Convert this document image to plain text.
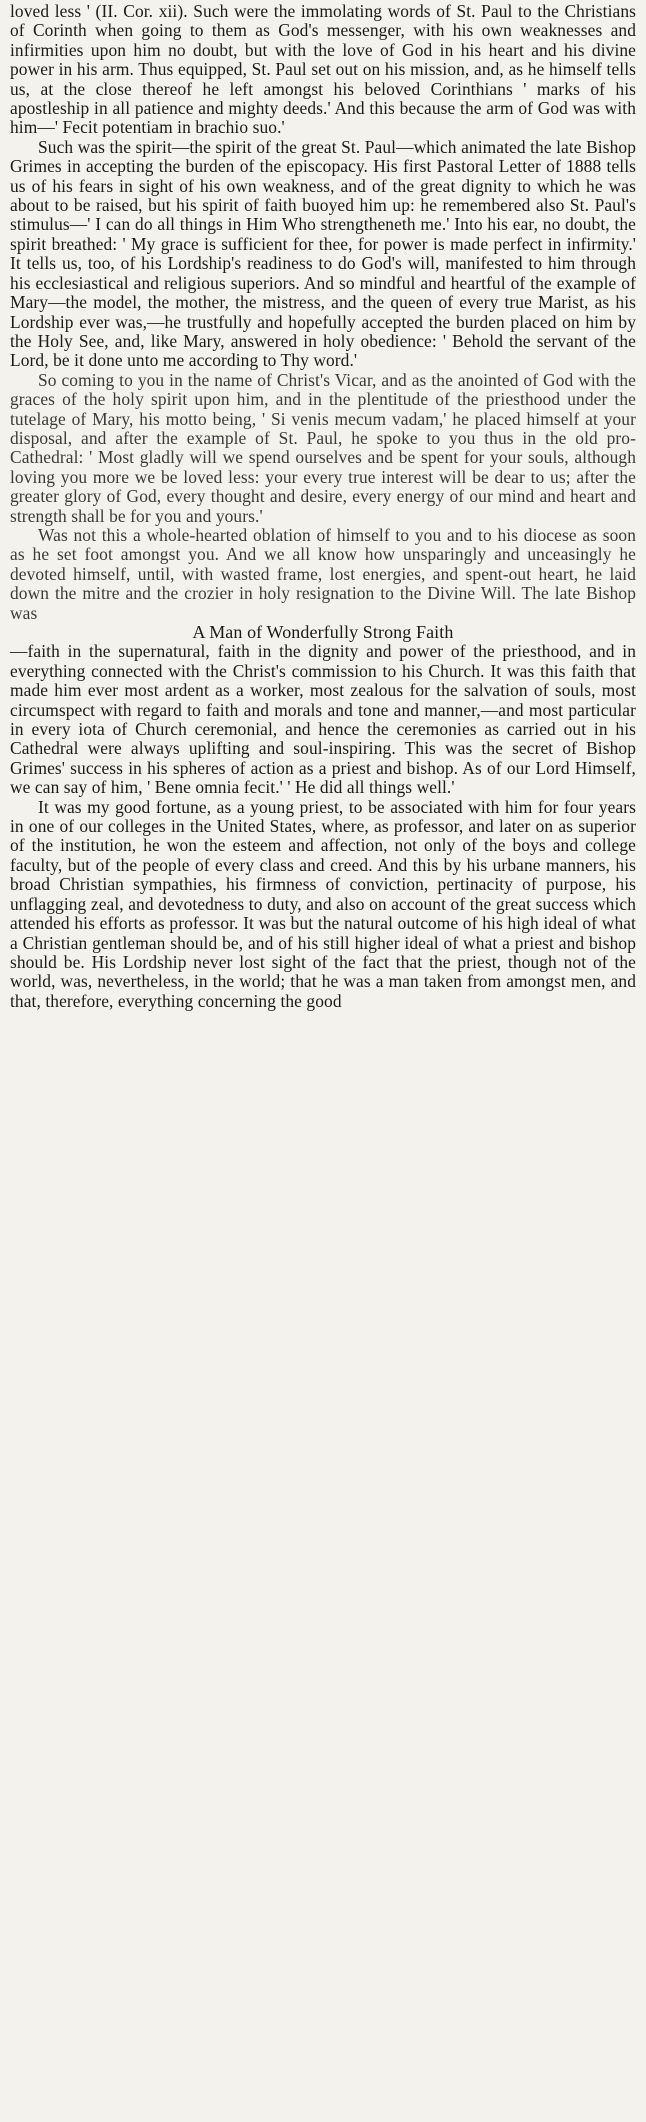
loved less ' (II. Cor. xii). Such were the immolating words of St. Paul to the Christians of Corinth when going to them as God's messenger, with his own weaknesses and infirmities upon him no doubt, but with the love of God in his heart and his divine power in his arm. Thus equipped, St. Paul set out on his mission, and, as he himself tells us, at the close thereof he left amongst his beloved Corinthians ' marks of his apostleship in all patience and mighty deeds.' And this because the arm of God was with him—' Fecit potentiam in brachio suo.'

Such was the spirit—the spirit of the great St. Paul—which animated the late Bishop Grimes in accepting the burden of the episcopacy. His first Pastoral Letter of 1888 tells us of his fears in sight of his own weakness, and of the great dignity to which he was about to be raised, but his spirit of faith buoyed him up: he remembered also St. Paul's stimulus—' I can do all things in Him Who strengtheneth me.' Into his ear, no doubt, the spirit breathed: ' My grace is sufficient for thee, for power is made perfect in infirmity.' It tells us, too, of his Lordship's readiness to do God's will, manifested to him through his ecclesiastical and religious superiors. And so mindful and heartful of the example of Mary—the model, the mother, the mistress, and the queen of every true Marist, as his Lordship ever was,—he trustfully and hopefully accepted the burden placed on him by the Holy See, and, like Mary, answered in holy obedience: ' Behold the servant of the Lord, be it done unto me according to Thy word.'

So coming to you in the name of Christ's Vicar, and as the anointed of God with the graces of the holy spirit upon him, and in the plentitude of the priesthood under the tutelage of Mary, his motto being, ' Si venis mecum vadam,' he placed himself at your disposal, and after the example of St. Paul, he spoke to you thus in the old pro-Cathedral: ' Most gladly will we spend ourselves and be spent for your souls, although loving you more we be loved less: your every true interest will be dear to us; after the greater glory of God, every thought and desire, every energy of our mind and heart and strength shall be for you and yours.'

Was not this a whole-hearted oblation of himself to you and to his diocese as soon as he set foot amongst you. And we all know how unsparingly and unceasingly he devoted himself, until, with wasted frame, lost energies, and spent-out heart, he laid down the mitre and the crozier in holy resignation to the Divine Will. The late Bishop was

A Man of Wonderfully Strong Faith

—faith in the supernatural, faith in the dignity and power of the priesthood, and in everything connected with the Christ's commission to his Church. It was this faith that made him ever most ardent as a worker, most zealous for the salvation of souls, most circumspect with regard to faith and morals and tone and manner,—and most particular in every iota of Church ceremonial, and hence the ceremonies as carried out in his Cathedral were always uplifting and soul-inspiring. This was the secret of Bishop Grimes' success in his spheres of action as a priest and bishop. As of our Lord Himself, we can say of him, ' Bene omnia fecit.' ' He did all things well.'

It was my good fortune, as a young priest, to be associated with him for four years in one of our colleges in the United States, where, as professor, and later on as superior of the institution, he won the esteem and affection, not only of the boys and college faculty, but of the people of every class and creed. And this by his urbane manners, his broad Christian sympathies, his firmness of conviction, pertinacity of purpose, his unflagging zeal, and devotedness to duty, and also on account of the great success which attended his efforts as professor. It was but the natural outcome of his high ideal of what a Christian gentleman should be, and of his still higher ideal of what a priest and bishop should be. His Lordship never lost sight of the fact that the priest, though not of the world, was, nevertheless, in the world; that he was a man taken from amongst men, and that, therefore, everything concerning the good
